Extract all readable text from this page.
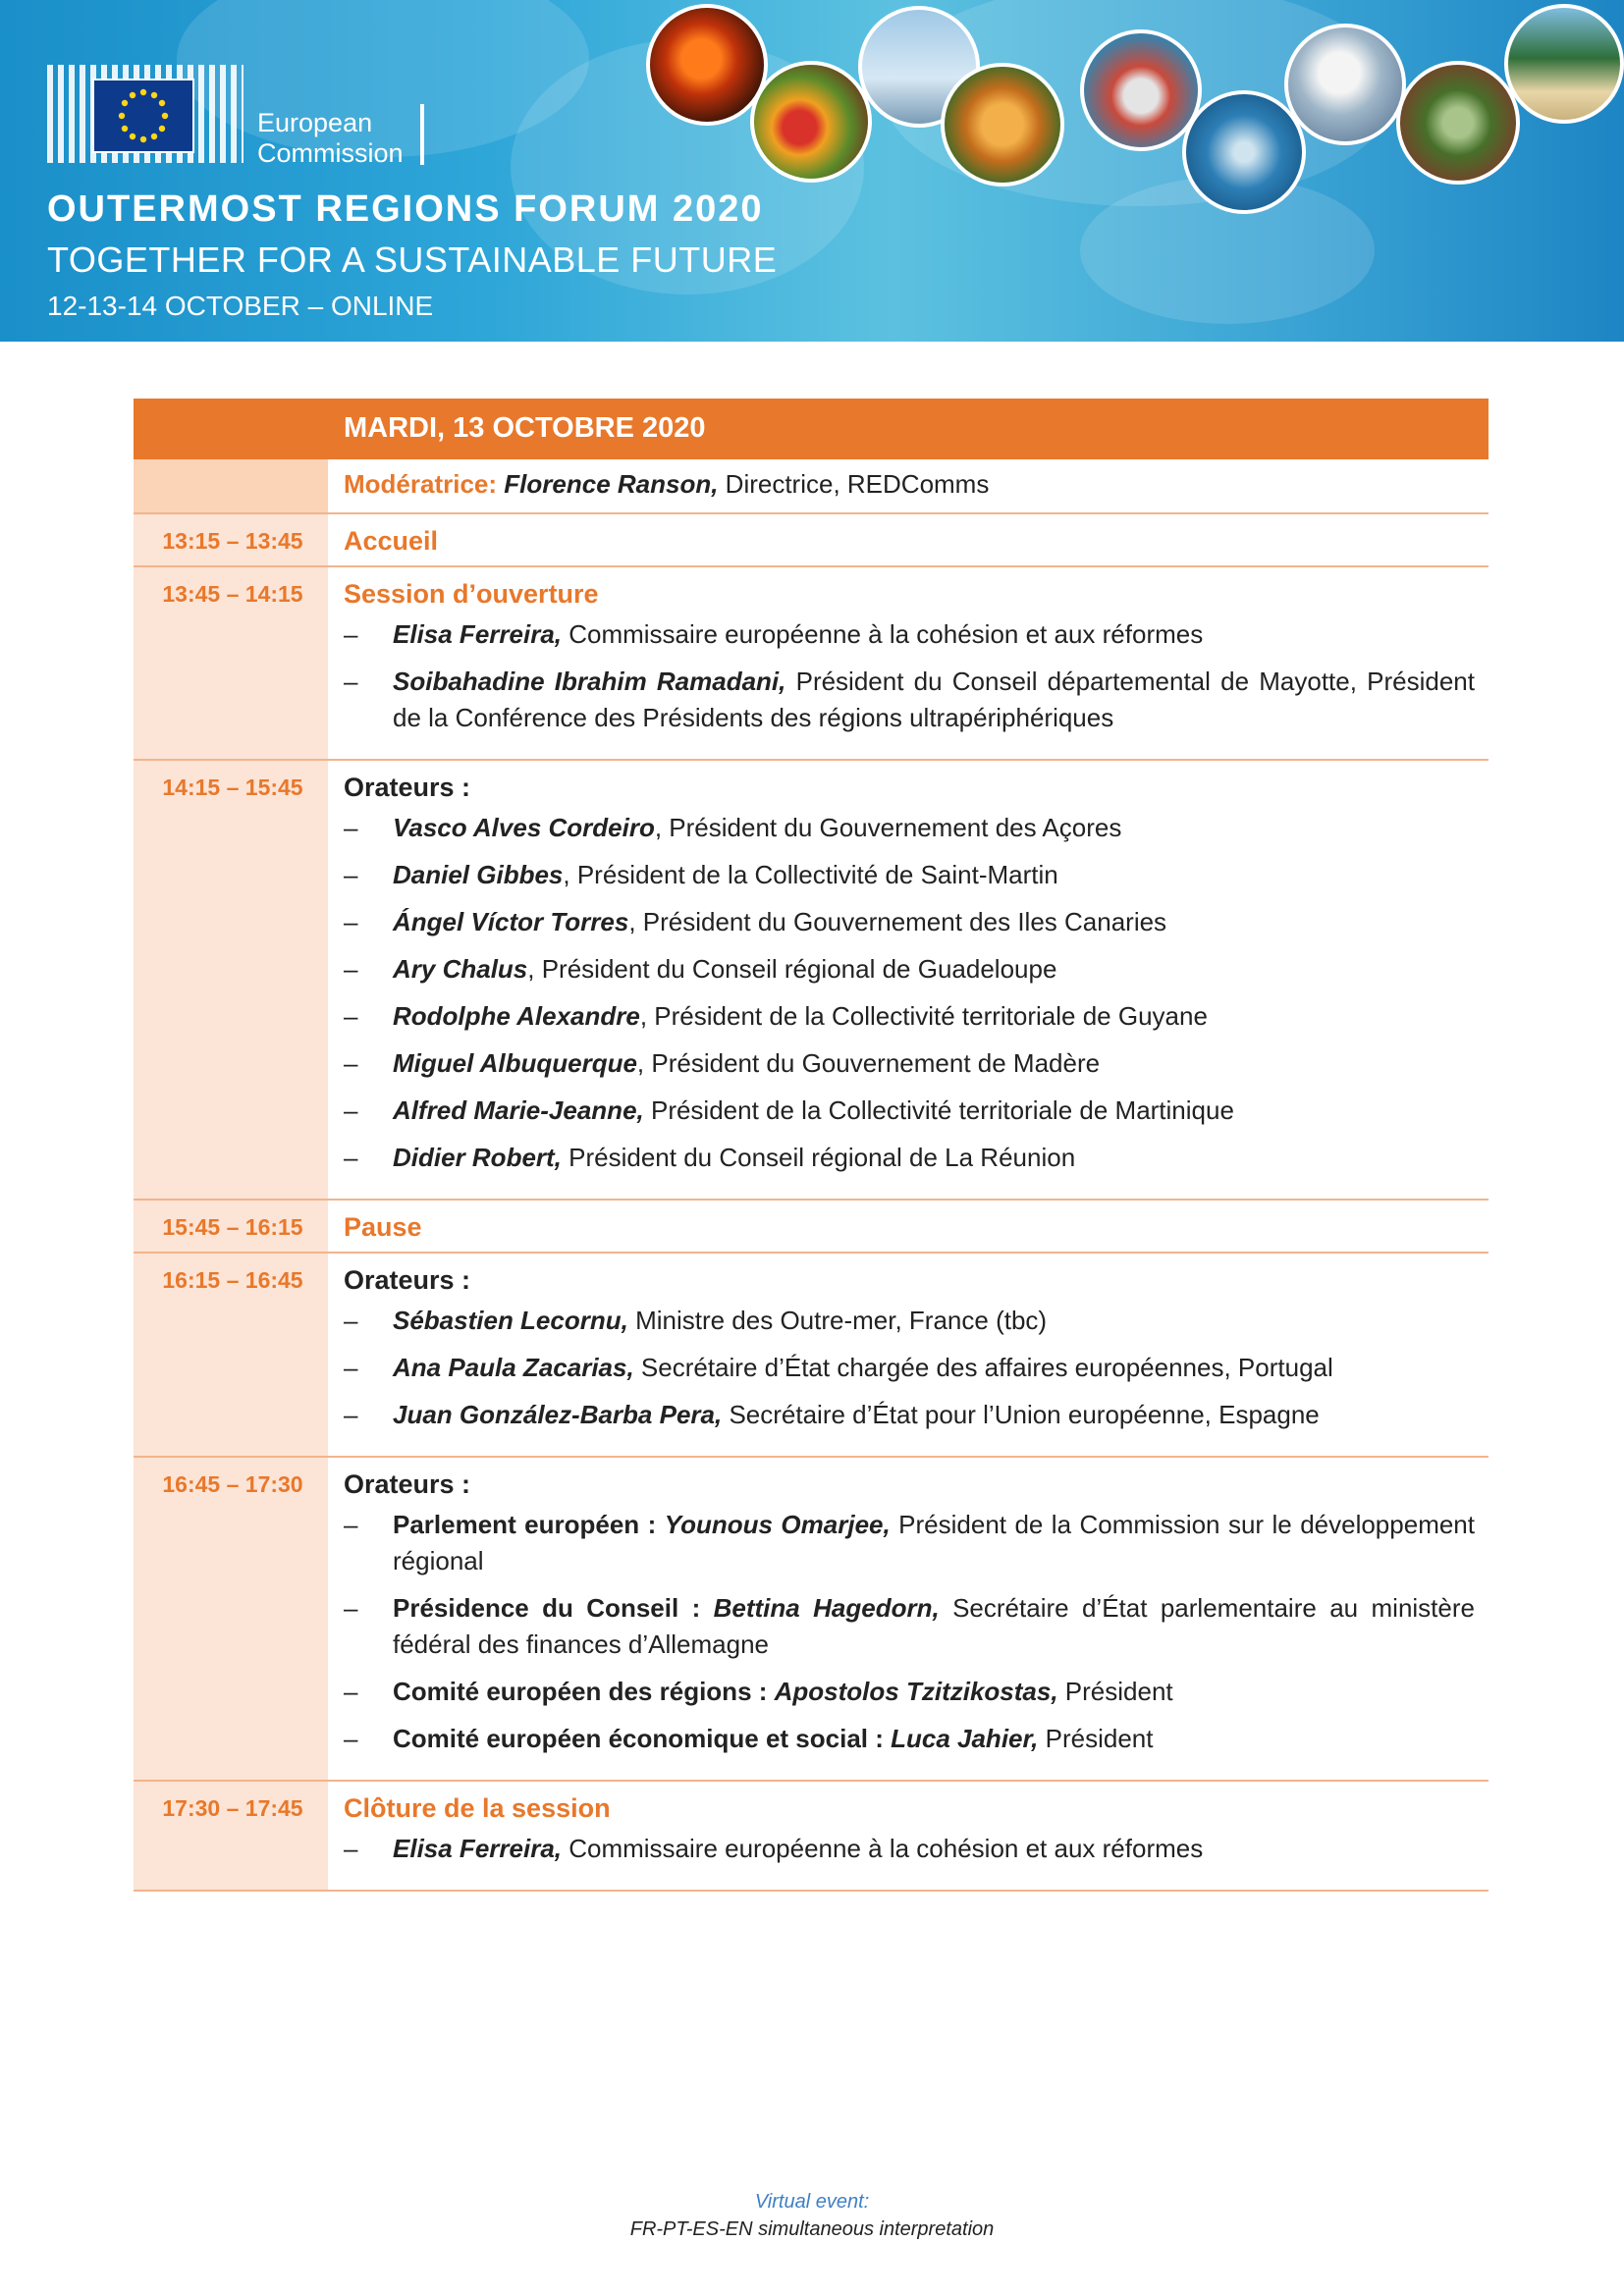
European
Commission
OUTERMOST REGIONS FORUM 2020
TOGETHER FOR A SUSTAINABLE FUTURE
12-13-14 OCTOBER – ONLINE
MARDI, 13 OCTOBRE 2020
Modératrice: Florence Ranson, Directrice, REDComms
13:15 – 13:45	Accueil
13:45 – 14:15	Session d’ouverture
–	Elisa Ferreira, Commissaire européenne à la cohésion et aux réformes
–	Soibahadine Ibrahim Ramadani, Président du Conseil départemental de Mayotte, Président de la Conférence des Présidents des régions ultrapériphériques
14:15 – 15:45	Orateurs :
–	Vasco Alves Cordeiro, Président du Gouvernement des Açores
–	Daniel Gibbes, Président de la Collectivité de Saint-Martin
–	Ángel Víctor Torres, Président du Gouvernement des Iles Canaries
–	Ary Chalus, Président du Conseil régional de Guadeloupe
–	Rodolphe Alexandre, Président de la Collectivité territoriale de Guyane
–	Miguel Albuquerque, Président du Gouvernement de Madère
–	Alfred Marie-Jeanne, Président de la Collectivité territoriale de Martinique
–	Didier Robert, Président du Conseil régional de La Réunion
15:45 – 16:15	Pause
16:15 – 16:45	Orateurs :
–	Sébastien Lecornu, Ministre des Outre-mer, France (tbc)
–	Ana Paula Zacarias, Secrétaire d’État chargée des affaires européennes, Portugal
–	Juan González-Barba Pera, Secrétaire d’État pour l’Union européenne, Espagne
16:45 – 17:30	Orateurs :
–	Parlement européen : Younous Omarjee, Président de la Commission sur le développement régional
–	Présidence du Conseil : Bettina Hagedorn, Secrétaire d’État parlementaire au ministère fédéral des finances d’Allemagne
–	Comité européen des régions : Apostolos Tzitzikostas, Président
–	Comité européen économique et social : Luca Jahier, Président
17:30 – 17:45	Clôture de la session
–	Elisa Ferreira, Commissaire européenne à la cohésion et aux réformes
Virtual event:
FR-PT-ES-EN simultaneous interpretation
